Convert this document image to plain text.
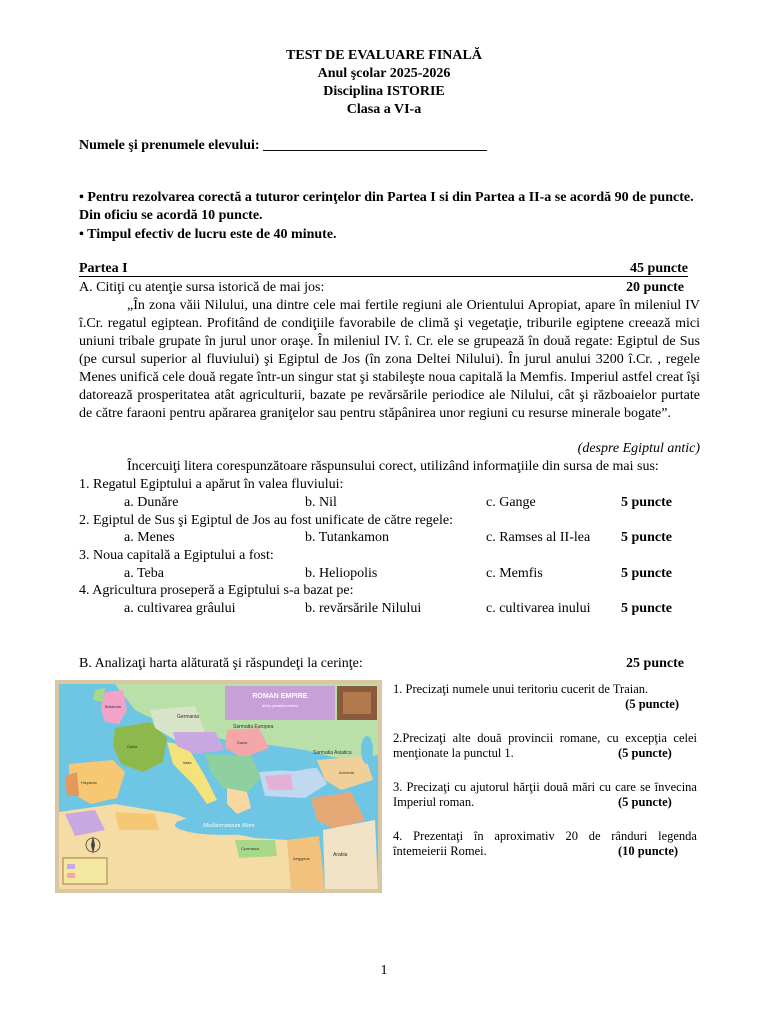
TEST DE EVALUARE FINALĂ
Anul şcolar 2025-2026
Disciplina ISTORIE
Clasa a VI-a
Numele şi prenumele elevului: ________________________________
• Pentru rezolvarea corectă a tuturor cerinţelor din Partea I si din Partea a II-a se acordă 90 de puncte. Din oficiu se acordă 10 puncte.
• Timpul efectiv de lucru este de 40 minute.
Partea I	45 puncte
A. Citiţi cu atenţie sursa istorică de mai jos:	20 puncte
„În zona văii Nilului, una dintre cele mai fertile regiuni ale Orientului Apropiat, apare în mileniul IV î.Cr. regatul egiptean. Profitând de condiţiile favorabile de climă şi vegetaţie, triburile egiptene creează mici uniuni tribale grupate în jurul unor oraşe. În mileniul IV. î. Cr. ele se grupează în două regate: Egiptul de Sus (pe cursul superior al fluviului) şi Egiptul de Jos (în zona Deltei Nilului). În jurul anului 3200 î.Cr. , regele Menes unifică cele două regate într-un singur stat şi stabileşte noua capitală la Memfis. Imperiul astfel creat îşi datorează prosperitatea atât agriculturii, bazate pe revărsările periodice ale Nilului, cât şi războaielor purtate de către faraoni pentru apărarea graniţelor sau pentru stăpânirea unor regiuni cu resurse minerale bogate”.
(despre Egiptul antic)
Încercuiţi litera corespunzătoare răspunsului corect, utilizând informaţiile din sursa de mai sus:
1. Regatul Egiptului a apărut în valea fluviului:
a. Dunăre	b. Nil	c. Gange	5 puncte
2. Egiptul de Sus şi Egiptul de Jos au fost unificate de către regele:
a. Menes	b. Tutankamon	c. Ramses al II-lea 5 puncte
3. Noua capitală a Egiptului a fost:
a. Teba	b. Heliopolis	c. Memfis	5 puncte
4. Agricultura proseperă a Egiptului s-a bazat pe:
a. cultivarea grâului	b. revărsările Nilului	c. cultivarea inului 5 puncte
B. Analizaţi harta alăturată şi răspundeţi la cerinţe:	25 puncte
ROMAN EMPIRE
at its greatest extent
Germania
Sarmatia Europea
Sarmatia Asiatica
Mediterraneum Mare
Arabia
Britannia
Dacia
Hispania
Italia
Aegyptus
Cyrenaica
Armenia
Gallia
1. Precizaţi numele unui teritoriu cucerit de Traian.
(5 puncte)
2.Precizaţi alte două provincii romane, cu excepţia celei menţionate la punctul 1.	(5 puncte)
3. Precizaţi cu ajutorul hărţii două mări cu care se învecina Imperiul roman.	(5 puncte)
4. Prezentaţi în aproximativ 20 de rânduri legenda întemeierii Romei.	(10 puncte)
1
